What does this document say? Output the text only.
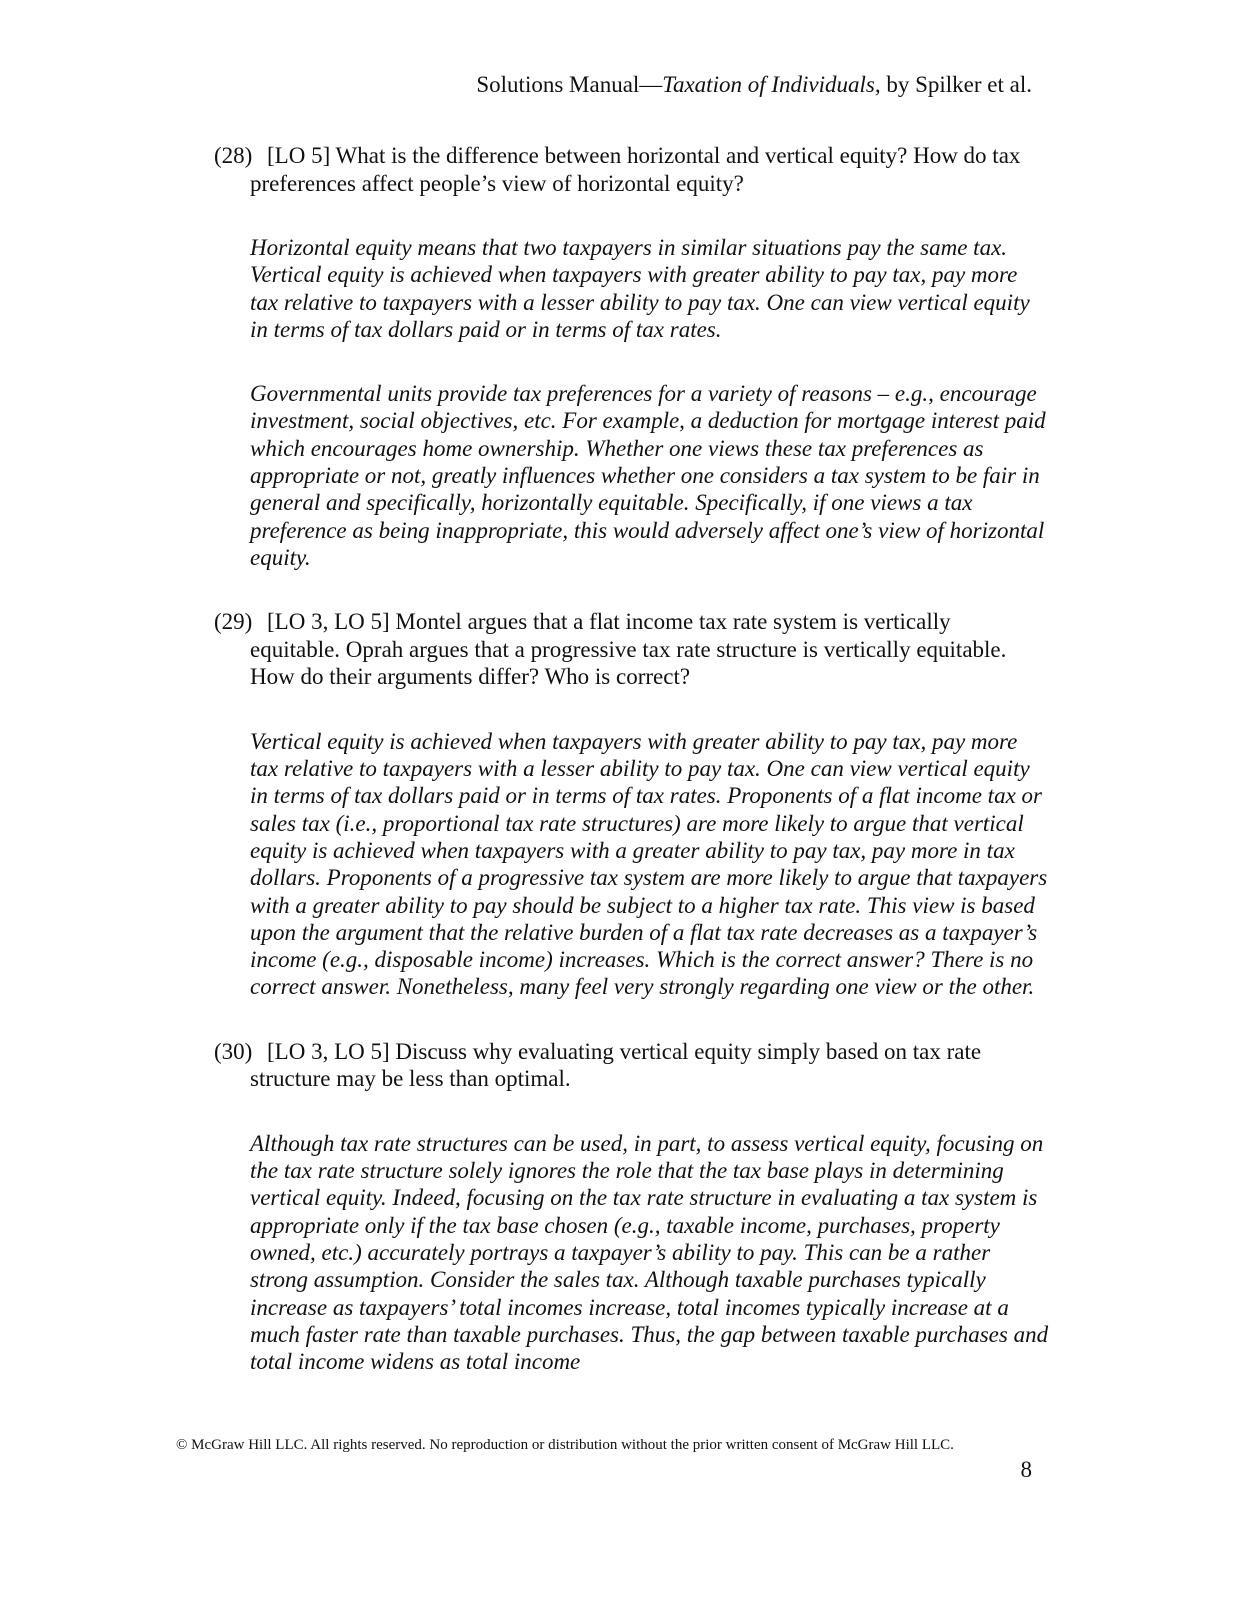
Solutions Manual—Taxation of Individuals, by Spilker et al.

(28) [LO 5] What is the difference between horizontal and vertical equity? How do tax preferences affect people’s view of horizontal equity?

Horizontal equity means that two taxpayers in similar situations pay the same tax. Vertical equity is achieved when taxpayers with greater ability to pay tax, pay more tax relative to taxpayers with a lesser ability to pay tax. One can view vertical equity in terms of tax dollars paid or in terms of tax rates.

Governmental units provide tax preferences for a variety of reasons – e.g., encourage investment, social objectives, etc. For example, a deduction for mortgage interest paid which encourages home ownership. Whether one views these tax preferences as appropriate or not, greatly influences whether one considers a tax system to be fair in general and specifically, horizontally equitable. Specifically, if one views a tax preference as being inappropriate, this would adversely affect one’s view of horizontal equity.

(29) [LO 3, LO 5] Montel argues that a flat income tax rate system is vertically equitable. Oprah argues that a progressive tax rate structure is vertically equitable. How do their arguments differ? Who is correct?

Vertical equity is achieved when taxpayers with greater ability to pay tax, pay more tax relative to taxpayers with a lesser ability to pay tax. One can view vertical equity in terms of tax dollars paid or in terms of tax rates. Proponents of a flat income tax or sales tax (i.e., proportional tax rate structures) are more likely to argue that vertical equity is achieved when taxpayers with a greater ability to pay tax, pay more in tax dollars. Proponents of a progressive tax system are more likely to argue that taxpayers with a greater ability to pay should be subject to a higher tax rate. This view is based upon the argument that the relative burden of a flat tax rate decreases as a taxpayer’s income (e.g., disposable income) increases. Which is the correct answer? There is no correct answer. Nonetheless, many feel very strongly regarding one view or the other.

(30) [LO 3, LO 5] Discuss why evaluating vertical equity simply based on tax rate structure may be less than optimal.

Although tax rate structures can be used, in part, to assess vertical equity, focusing on the tax rate structure solely ignores the role that the tax base plays in determining vertical equity. Indeed, focusing on the tax rate structure in evaluating a tax system is appropriate only if the tax base chosen (e.g., taxable income, purchases, property owned, etc.) accurately portrays a taxpayer’s ability to pay. This can be a rather strong assumption. Consider the sales tax. Although taxable purchases typically increase as taxpayers’ total incomes increase, total incomes typically increase at a much faster rate than taxable purchases. Thus, the gap between taxable purchases and total income widens as total income

© McGraw Hill LLC. All rights reserved. No reproduction or distribution without the prior written consent of McGraw Hill LLC.
8
